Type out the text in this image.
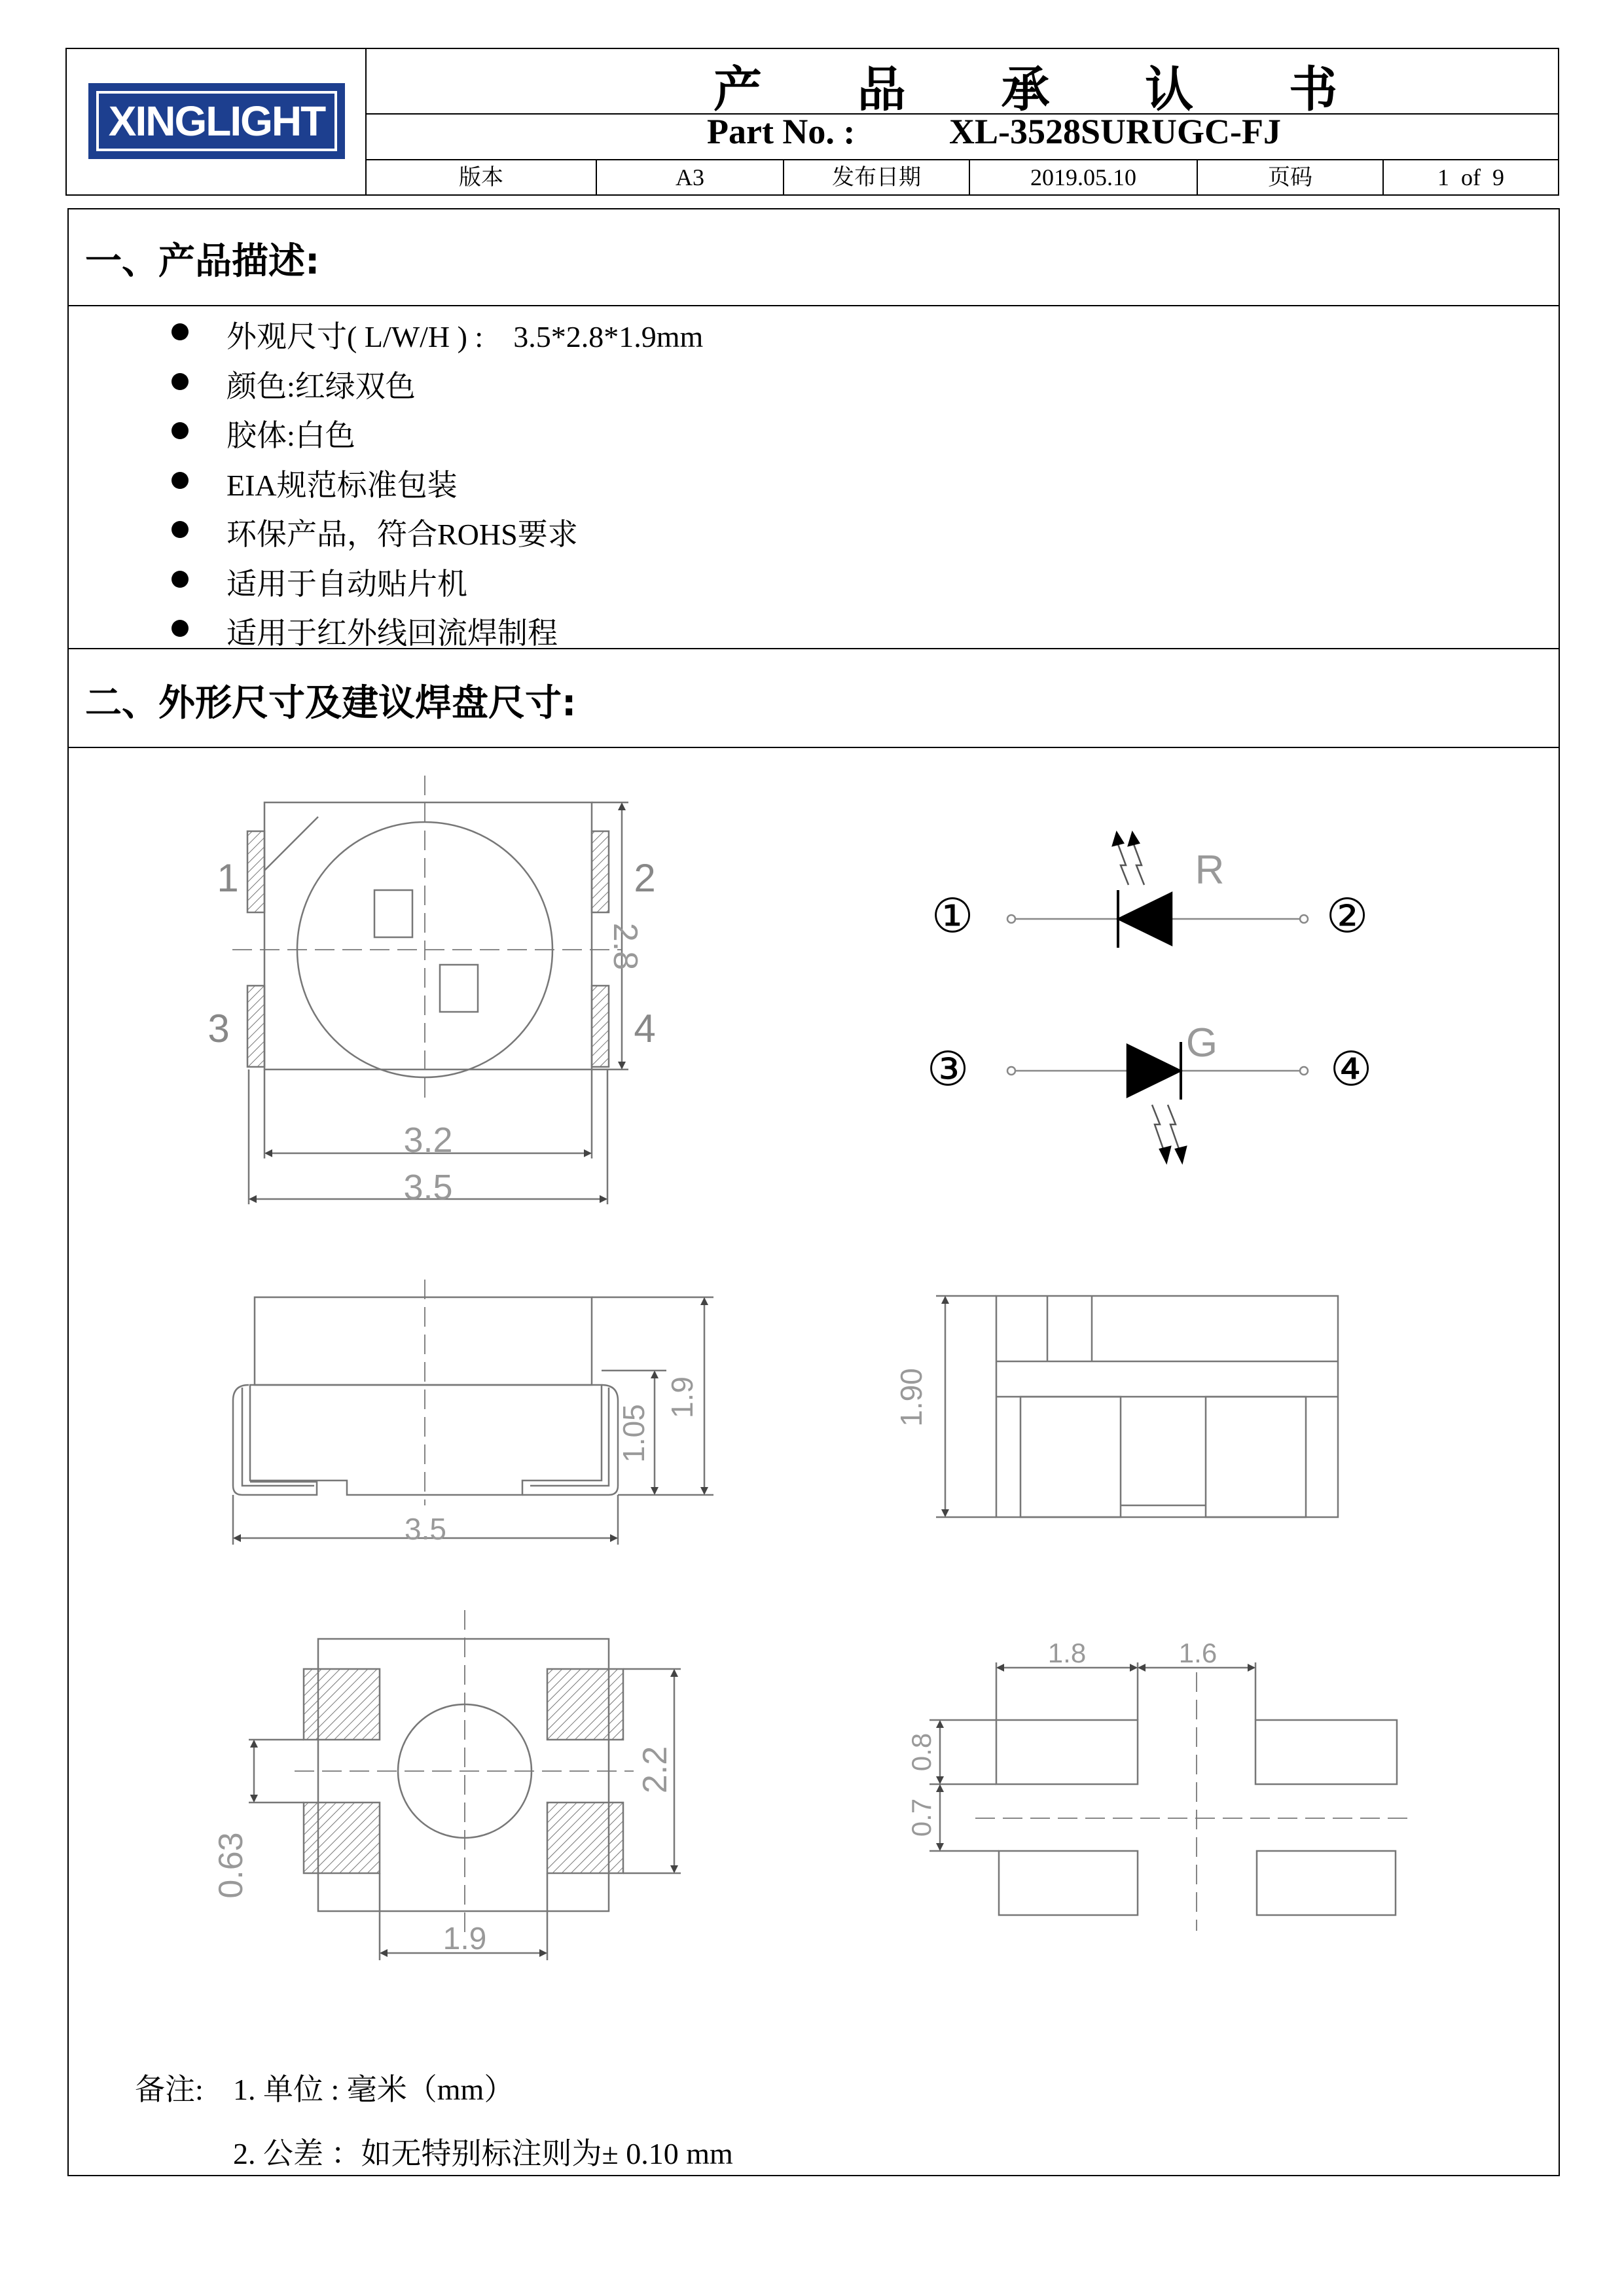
XINGLIGHT
产 品 承 认 书
Part No. :	XL-3528SURUGC-FJ
版本	A3	发布日期	2019.05.10	页码	1  of  9
一、产品描述:
外观尺寸( L/W/H ) :    3.5*2.8*1.9mm
颜色:红绿双色
胶体:白色
EIA规范标准包装
环保产品，符合ROHS要求
适用于自动贴片机
适用于红外线回流焊制程
二、外形尺寸及建议焊盘尺寸:
1	2
3	4
2.8
3.2
3.5
①	②
③	④
R
G
1.9
1.05
3.5
1.90
2.2
0.63
1.9
1.8	1.6
0.8
0.7
备注: 1. 单位 : 毫米（mm）
2. 公差 ：如无特别标注则为± 0.10 mm
